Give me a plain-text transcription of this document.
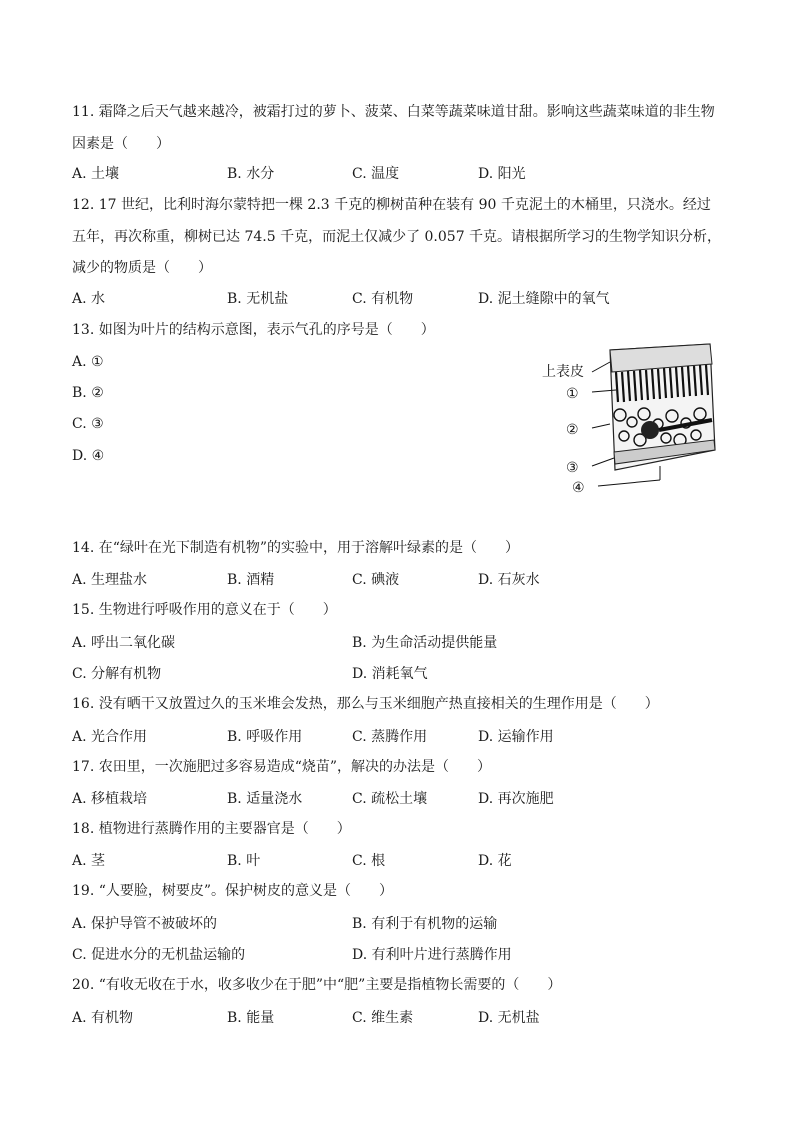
11. 霜降之后天气越来越冷，被霜打过的萝卜、菠菜、白菜等蔬菜味道甘甜。影响这些蔬菜味道的非生物因素是（　　）
A. 土壤	B. 水分	C. 温度	D. 阳光
12. 17 世纪，比利时海尔蒙特把一棵 2.3 千克的柳树苗种在装有 90 千克泥土的木桶里，只浇水。经过五年，再次称重，柳树已达 74.5 千克，而泥土仅减少了 0.057 千克。请根据所学习的生物学知识分析，减少的物质是（　　）
A. 水	B. 无机盐	C. 有机物	D. 泥土缝隙中的氧气
13. 如图为叶片的结构示意图，表示气孔的序号是（　　）
A. ①
B. ②
C. ③
D. ④
上表皮
①
②
③
④
14. 在“绿叶在光下制造有机物”的实验中，用于溶解叶绿素的是（　　）
A. 生理盐水	B. 酒精	C. 碘液	D. 石灰水
15. 生物进行呼吸作用的意义在于（　　）
A. 呼出二氧化碳	B. 为生命活动提供能量
C. 分解有机物	D. 消耗氧气
16. 没有晒干又放置过久的玉米堆会发热，那么与玉米细胞产热直接相关的生理作用是（　　）
A. 光合作用	B. 呼吸作用	C. 蒸腾作用	D. 运输作用
17. 农田里，一次施肥过多容易造成“烧苗”，解决的办法是（　　）
A. 移植栽培	B. 适量浇水	C. 疏松土壤	D. 再次施肥
18. 植物进行蒸腾作用的主要器官是（　　）
A. 茎	B. 叶	C. 根	D. 花
19. “人要脸，树要皮”。保护树皮的意义是（　　）
A. 保护导管不被破坏的	B. 有利于有机物的运输
C. 促进水分的无机盐运输的	D. 有利叶片进行蒸腾作用
20. “有收无收在于水，收多收少在于肥”中“肥”主要是指植物长需要的（　　）
A. 有机物	B. 能量	C. 维生素	D. 无机盐
